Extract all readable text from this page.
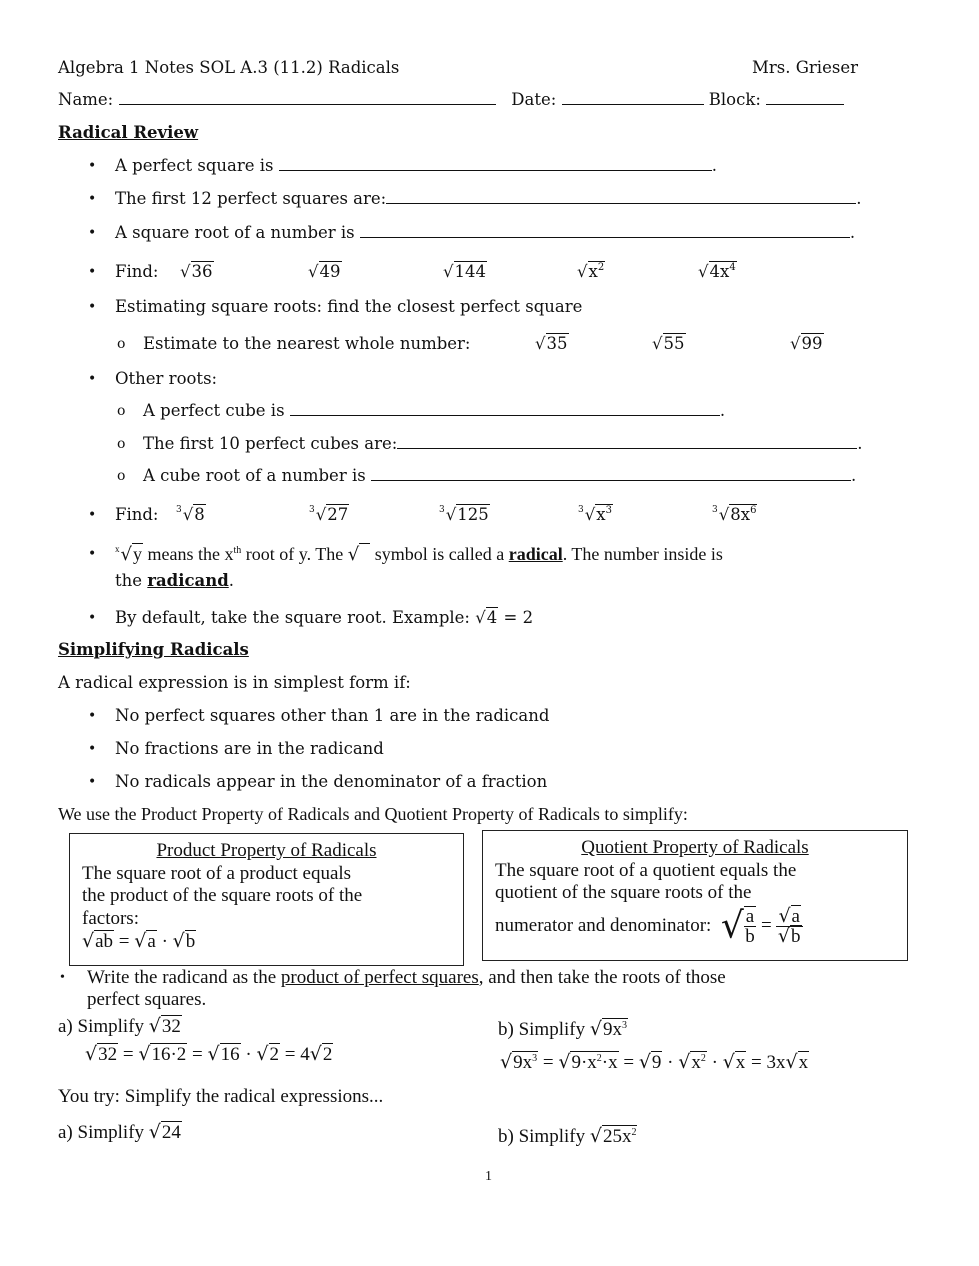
Algebra 1 Notes SOL A.3 (11.2) Radicals	Mrs. Grieser
Name:	Date:	Block:
Radical Review
• A perfect square is	.
• The first 12 perfect squares are:	.
• A square root of a number is	.
• Find: √36	√49	√144	$√x^2$	$√4x^4$
• Estimating square roots: find the closest perfect square
o Estimate to the nearest whole number:	√35	√55	√99
• Other roots:
o A perfect cube is	.
o The first 10 perfect cubes are:	.
o A cube root of a number is	.
• Find: $^3$√8	$^3$√27	$^3$√125	$^3√x^3$	$^3√8x^6$
• $^x$√y means the $x^{th}$ root of y. The √   symbol is called a radical. The number inside is
the radicand.
• By default, take the square root. Example: √4 = 2
Simplifying Radicals
A radical expression is in simplest form if:
• No perfect squares other than 1 are in the radicand
• No fractions are in the radicand
• No radicals appear in the denominator of a fraction
We use the Product Property of Radicals and Quotient Property of Radicals to simplify:
Product Property of Radicals
The square root of a product equals
the product of the square roots of the
factors:
√ab = √a · √b
Quotient Property of Radicals
The square root of a quotient equals the
quotient of the square roots of the
numerator and denominator: √ $\frac{a}{b} = \frac{√a}{√b}$
• Write the radicand as the product of perfect squares, and then take the roots of those
perfect squares.
a) Simplify √32
√32 = √16·2 = √16 · √2 = 4√2
b) Simplify $√9x^3$
$√9x^3 = √9\cdot x^2\cdot x = √9 \cdot √x^2 \cdot √x = 3x√x$
You try: Simplify the radical expressions...
a) Simplify √24	b) Simplify $√25x^2$
1
